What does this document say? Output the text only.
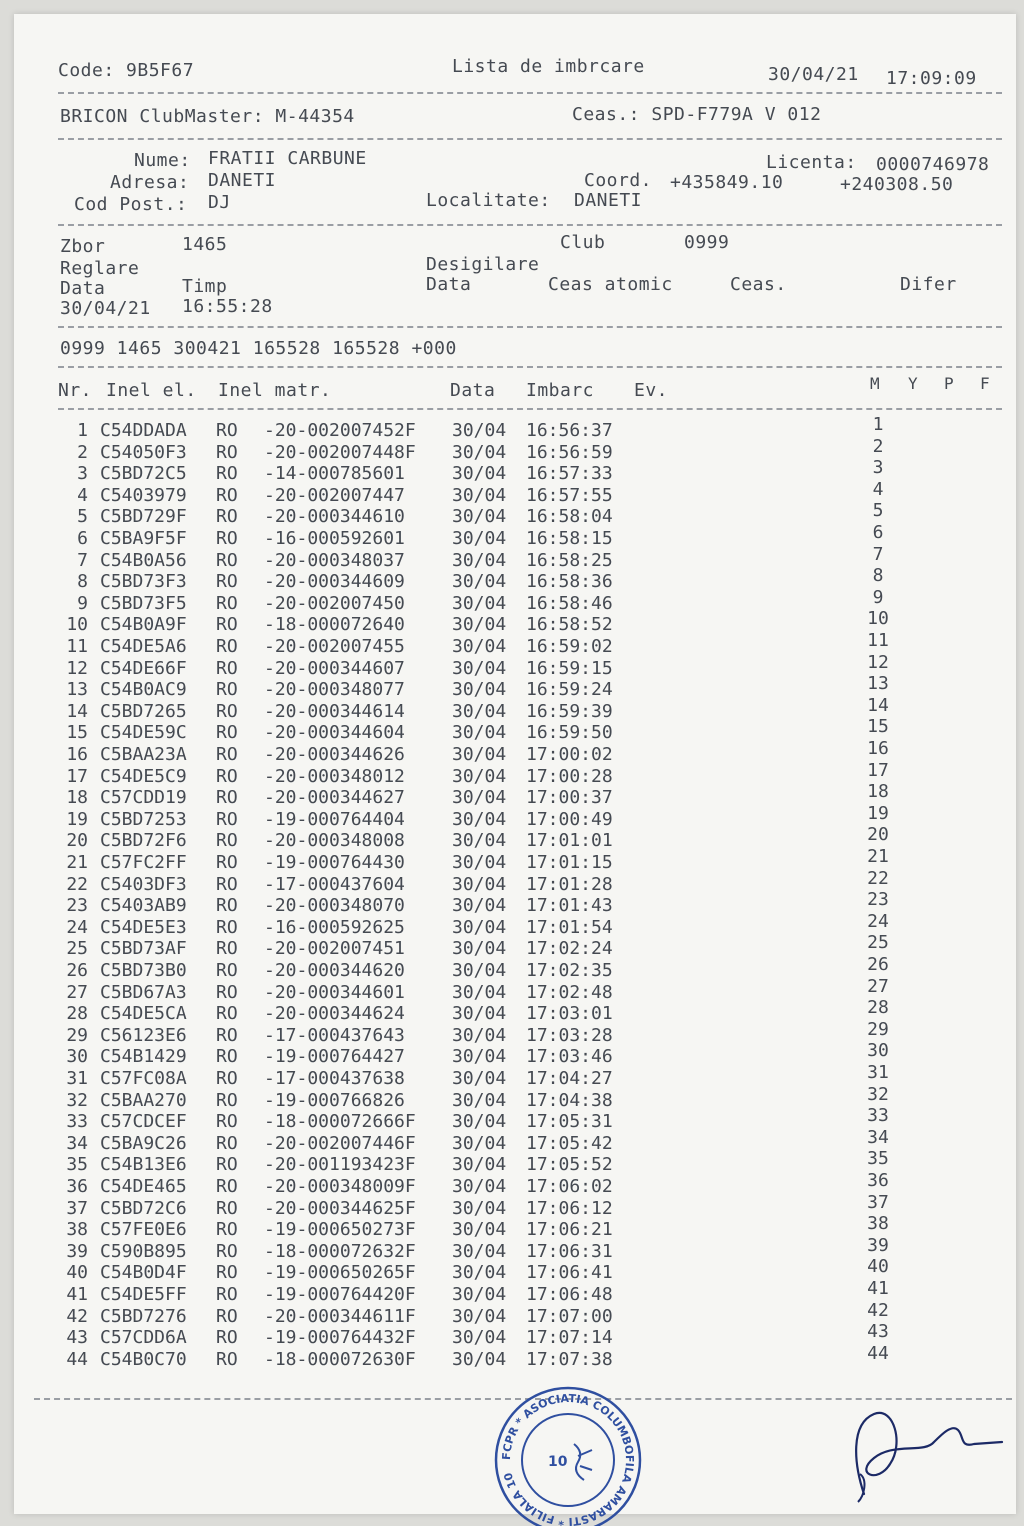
Code: 9B5F67	Lista de imbrcare	30/04/21 17:09:09
BRICON ClubMaster: M-44354	Ceas.: SPD-F779A V 012
Nume: FRATII CARBUNE
Adresa: DANETI
Cod Post.: DJ
Licenta: 0000746978
Coord. +435849.10	+240308.50
Localitate: DANETI
Zbor	1465	Club	0999
Reglare	Desigilare
Data	Timp	Data	Ceas atomic	Ceas.	Difer
30/04/21 16:55:28
0999 1465 300421 165528 165528 +000
Nr. Inel el. Inel matr.	Data Imbarc Ev.	M Y P F
1 C54DDADA RO -20-002007452F 30/04 16:56:37	1
2 C54050F3 RO -20-002007448F 30/04 16:56:59	2
3 C5BD72C5 RO -14-000785601	30/04 16:57:33	3
4 C5403979 RO -20-002007447	30/04 16:57:55	4
5 C5BD729F RO -20-000344610	30/04 16:58:04	5
6 C5BA9F5F RO -16-000592601	30/04 16:58:15	6
7 C54B0A56 RO -20-000348037	30/04 16:58:25	7
8 C5BD73F3 RO -20-000344609	30/04 16:58:36	8
9 C5BD73F5 RO -20-002007450	30/04 16:58:46	9
10 C54B0A9F RO -18-000072640	30/04 16:58:52	10
11 C54DE5A6 RO -20-002007455	30/04 16:59:02	11
12 C54DE66F RO -20-000344607	30/04 16:59:15	12
13 C54B0AC9 RO -20-000348077	30/04 16:59:24	13
14 C5BD7265 RO -20-000344614	30/04 16:59:39	14
15 C54DE59C RO -20-000344604	30/04 16:59:50	15
16 C5BAA23A RO -20-000344626	30/04 17:00:02	16
17 C54DE5C9 RO -20-000348012	30/04 17:00:28	17
18 C57CDD19 RO -20-000344627	30/04 17:00:37	18
19 C5BD7253 RO -19-000764404	30/04 17:00:49	19
20 C5BD72F6 RO -20-000348008	30/04 17:01:01	20
21 C57FC2FF RO -19-000764430	30/04 17:01:15	21
22 C5403DF3 RO -17-000437604	30/04 17:01:28	22
23 C5403AB9 RO -20-000348070	30/04 17:01:43	23
24 C54DE5E3 RO -16-000592625	30/04 17:01:54	24
25 C5BD73AF RO -20-002007451	30/04 17:02:24	25
26 C5BD73B0 RO -20-000344620	30/04 17:02:35	26
27 C5BD67A3 RO -20-000344601	30/04 17:02:48	27
28 C54DE5CA RO -20-000344624	30/04 17:03:01	28
29 C56123E6 RO -17-000437643	30/04 17:03:28	29
30 C54B1429 RO -19-000764427	30/04 17:03:46	30
31 C57FC08A RO -17-000437638	30/04 17:04:27	31
32 C5BAA270 RO -19-000766826	30/04 17:04:38	32
33 C57CDCEF RO -18-000072666F 30/04 17:05:31	33
34 C5BA9C26 RO -20-002007446F 30/04 17:05:42	34
35 C54B13E6 RO -20-001193423F 30/04 17:05:52	35
36 C54DE465 RO -20-000348009F 30/04 17:06:02	36
37 C5BD72C6 RO -20-000344625F 30/04 17:06:12	37
38 C57FE0E6 RO -19-000650273F 30/04 17:06:21	38
39 C590B895 RO -18-000072632F 30/04 17:06:31	39
40 C54B0D4F RO -19-000650265F 30/04 17:06:41	40
41 C54DE5FF RO -19-000764420F 30/04 17:06:48	41
42 C5BD7276 RO -20-000344611F 30/04 17:07:00	42
43 C57CDD6A RO -19-000764432F 30/04 17:07:14	43
44 C54B0C70 RO -18-000072630F 30/04 17:07:38	44
FCPR * ASOCIATIA COLUMBOFILA AMARASTI * FILIALA 10
10
